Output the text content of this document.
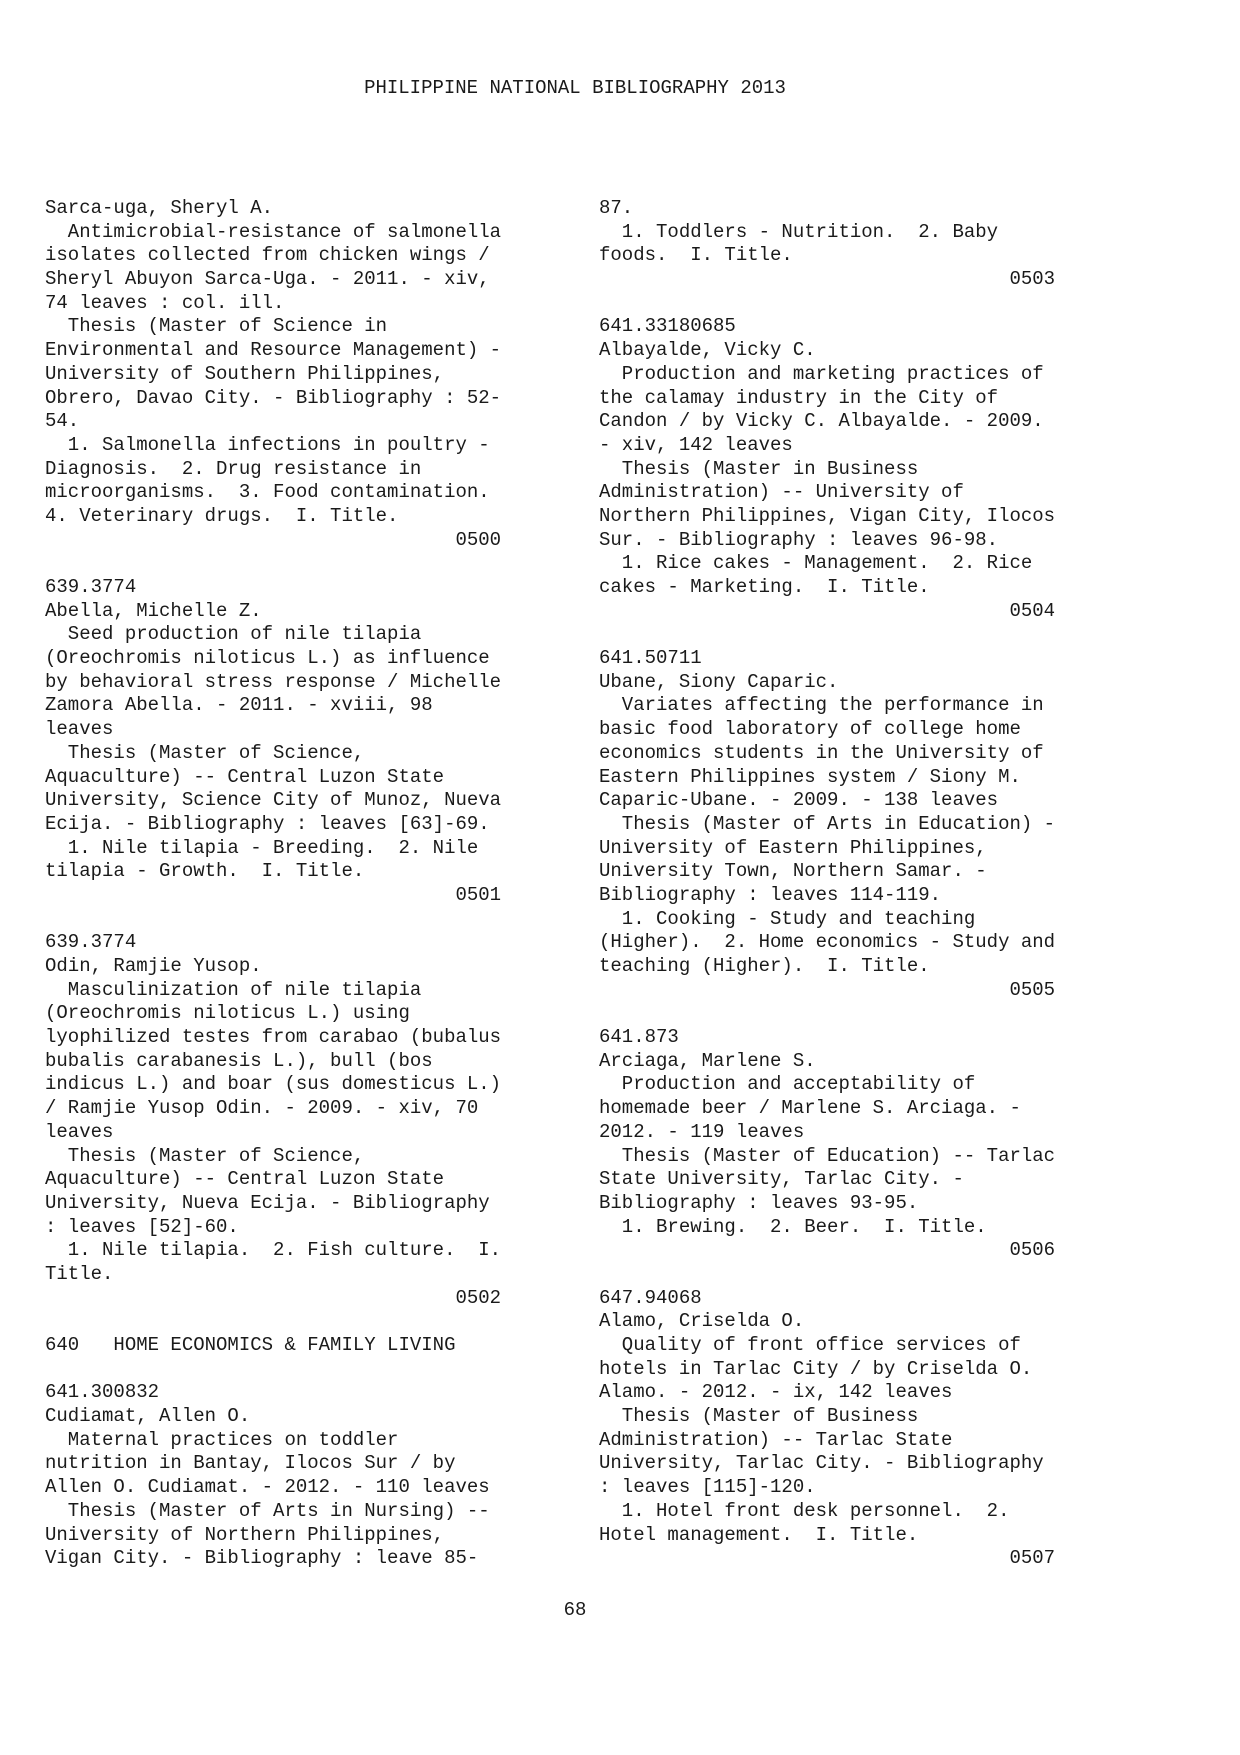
PHILIPPINE NATIONAL BIBLIOGRAPHY 2013
Sarca-uga, Sheryl A.
Antimicrobial-resistance of salmonella
isolates collected from chicken wings /
Sheryl Abuyon Sarca-Uga. - 2011. - xiv,
74 leaves : col. ill.
Thesis (Master of Science in
Environmental and Resource Management) -
University of Southern Philippines,
Obrero, Davao City. - Bibliography : 52-
54.
1. Salmonella infections in poultry -
Diagnosis.  2. Drug resistance in
microorganisms.  3. Food contamination.
4. Veterinary drugs.  I. Title.
0500
639.3774
Abella, Michelle Z.
Seed production of nile tilapia
(Oreochromis niloticus L.) as influence
by behavioral stress response / Michelle
Zamora Abella. - 2011. - xviii, 98
leaves
Thesis (Master of Science,
Aquaculture) -- Central Luzon State
University, Science City of Munoz, Nueva
Ecija. - Bibliography : leaves [63]-69.
1. Nile tilapia - Breeding.  2. Nile
tilapia - Growth.  I. Title.
0501
639.3774
Odin, Ramjie Yusop.
Masculinization of nile tilapia
(Oreochromis niloticus L.) using
lyophilized testes from carabao (bubalus
bubalis carabanesis L.), bull (bos
indicus L.) and boar (sus domesticus L.)
/ Ramjie Yusop Odin. - 2009. - xiv, 70
leaves
Thesis (Master of Science,
Aquaculture) -- Central Luzon State
University, Nueva Ecija. - Bibliography
: leaves [52]-60.
1. Nile tilapia.  2. Fish culture.  I.
Title.
0502
640   HOME ECONOMICS & FAMILY LIVING
641.300832
Cudiamat, Allen O.
Maternal practices on toddler
nutrition in Bantay, Ilocos Sur / by
Allen O. Cudiamat. - 2012. - 110 leaves
Thesis (Master of Arts in Nursing) --
University of Northern Philippines,
Vigan City. - Bibliography : leave 85-
87.
1. Toddlers - Nutrition.  2. Baby
foods.  I. Title.
0503
641.33180685
Albayalde, Vicky C.
Production and marketing practices of
the calamay industry in the City of
Candon / by Vicky C. Albayalde. - 2009.
- xiv, 142 leaves
Thesis (Master in Business
Administration) -- University of
Northern Philippines, Vigan City, Ilocos
Sur. - Bibliography : leaves 96-98.
1. Rice cakes - Management.  2. Rice
cakes - Marketing.  I. Title.
0504
641.50711
Ubane, Siony Caparic.
Variates affecting the performance in
basic food laboratory of college home
economics students in the University of
Eastern Philippines system / Siony M.
Caparic-Ubane. - 2009. - 138 leaves
Thesis (Master of Arts in Education) -
University of Eastern Philippines,
University Town, Northern Samar. -
Bibliography : leaves 114-119.
1. Cooking - Study and teaching
(Higher).  2. Home economics - Study and
teaching (Higher).  I. Title.
0505
641.873
Arciaga, Marlene S.
Production and acceptability of
homemade beer / Marlene S. Arciaga. -
2012. - 119 leaves
Thesis (Master of Education) -- Tarlac
State University, Tarlac City. -
Bibliography : leaves 93-95.
1. Brewing.  2. Beer.  I. Title.
0506
647.94068
Alamo, Criselda O.
Quality of front office services of
hotels in Tarlac City / by Criselda O.
Alamo. - 2012. - ix, 142 leaves
Thesis (Master of Business
Administration) -- Tarlac State
University, Tarlac City. - Bibliography
: leaves [115]-120.
1. Hotel front desk personnel.  2.
Hotel management.  I. Title.
0507
68
